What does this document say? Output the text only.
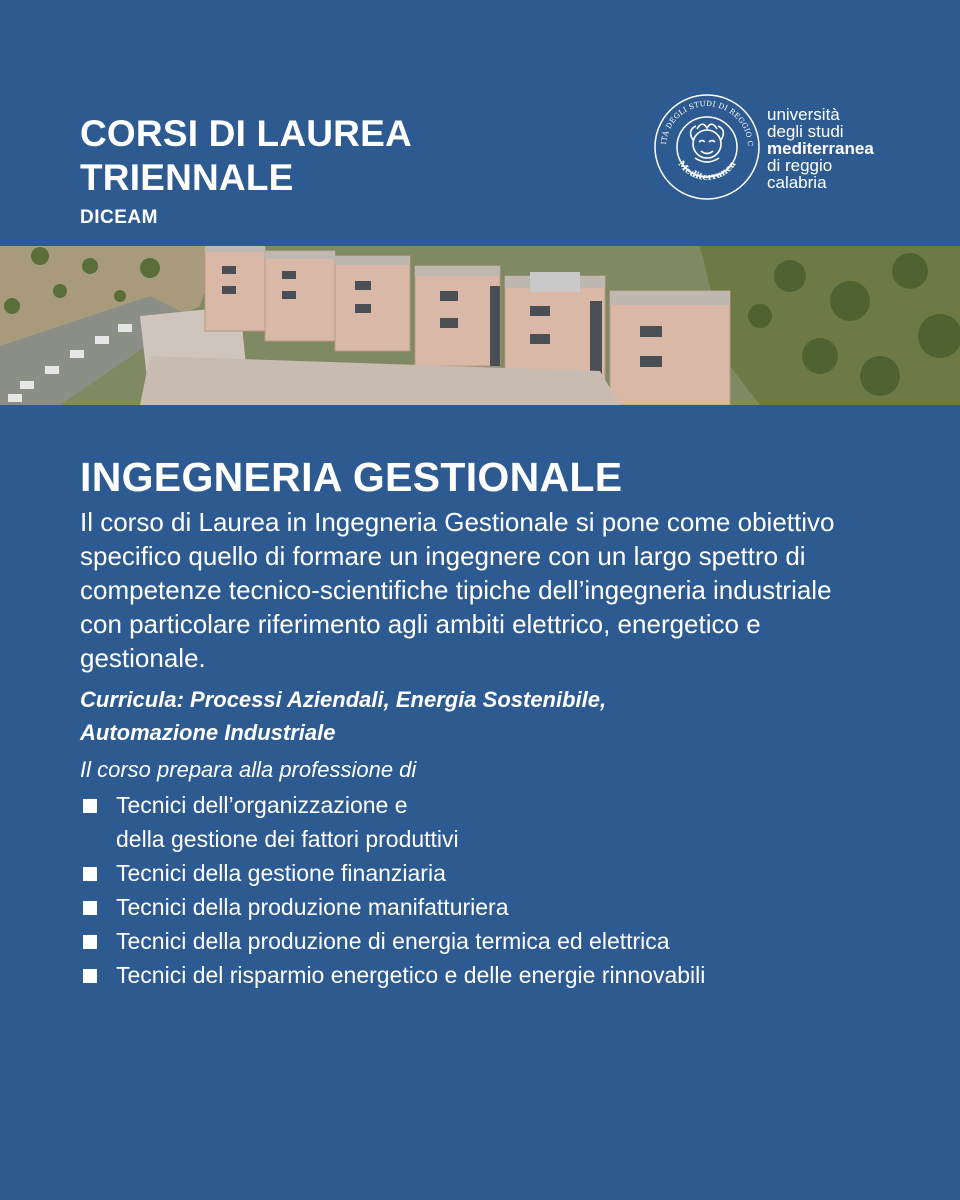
CORSI DI LAUREA
TRIENNALE
DICEAM
ITÀ DEGLI STUDI DI REGGIO C
Mediterranea
università
degli studi
mediterranea
di reggio
calabria
INGEGNERIA GESTIONALE

Il corso di Laurea in Ingegneria Gestionale si pone come obiettivo specifico quello di formare un ingegnere con un largo spettro di competenze tecnico-scientifiche tipiche dell’ingegneria industriale con particolare riferimento agli ambiti elettrico, energetico e gestionale.

Curricula: Processi Aziendali, Energia Sostenibile,
Automazione Industriale

Il corso prepara alla professione di
Tecnici dell’organizzazione e
della gestione dei fattori produttivi
Tecnici della gestione finanziaria
Tecnici della produzione manifatturiera
Tecnici della produzione di energia termica ed elettrica
Tecnici del risparmio energetico e delle energie rinnovabili
